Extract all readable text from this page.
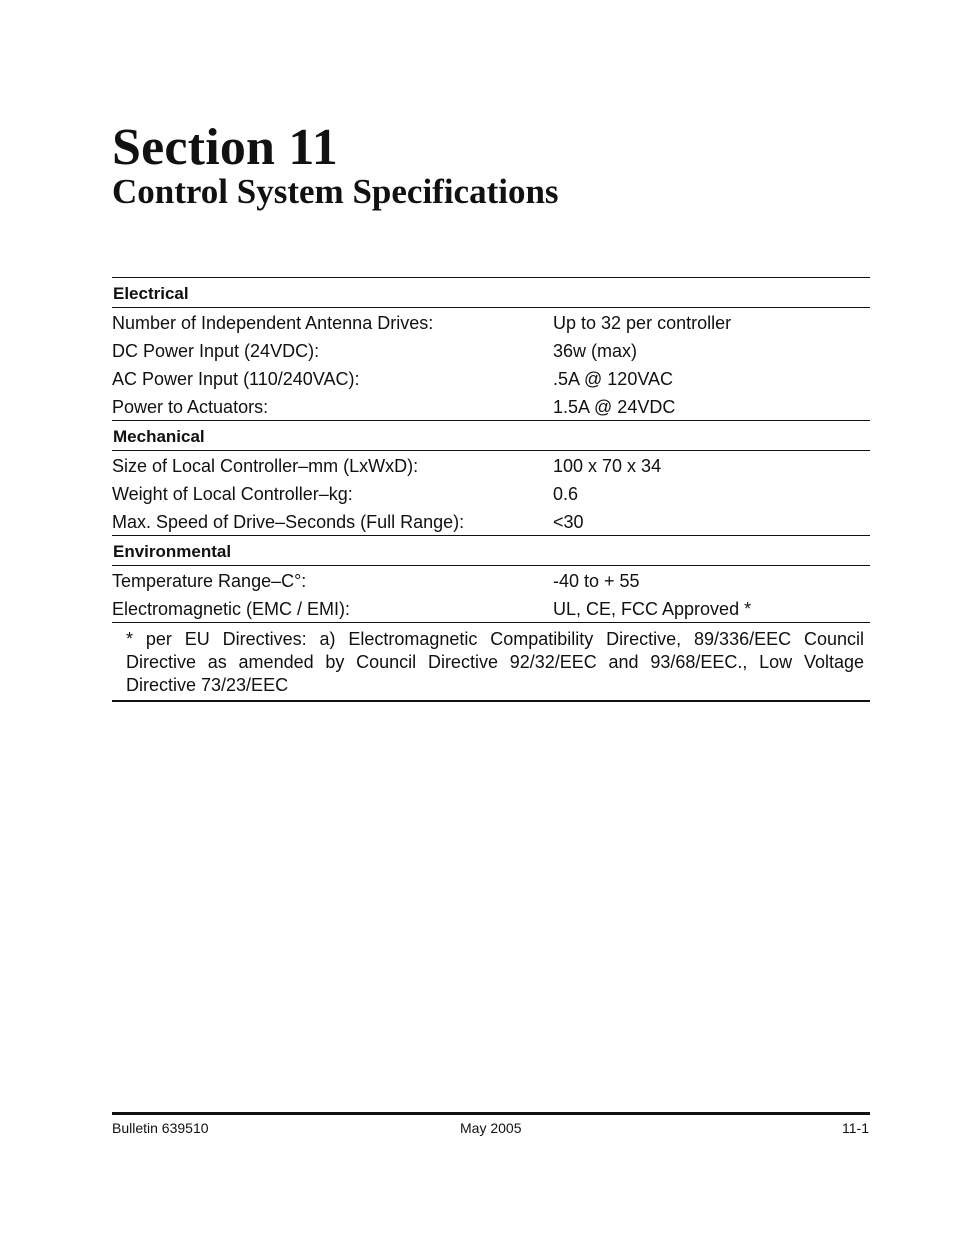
Section 11
Control System Specifications
Electrical
Number of Independent Antenna Drives:	Up to 32 per controller
DC Power Input (24VDC):	36w (max)
AC Power Input (110/240VAC):	.5A @ 120VAC
Power to Actuators:	1.5A @ 24VDC
Mechanical
Size of Local Controller–mm (LxWxD):	100 x 70 x 34
Weight of Local Controller–kg:	0.6
Max. Speed of Drive–Seconds (Full Range):	<30
Environmental
Temperature Range–C°:	-40 to + 55
Electromagnetic (EMC / EMI):	UL, CE, FCC Approved *
* per EU Directives: a) Electromagnetic Compatibility Directive, 89/336/EEC Council Directive as amended by Council Directive 92/32/EEC and 93/68/EEC., Low Voltage Directive 73/23/EEC
Bulletin 639510	May 2005	11-1
